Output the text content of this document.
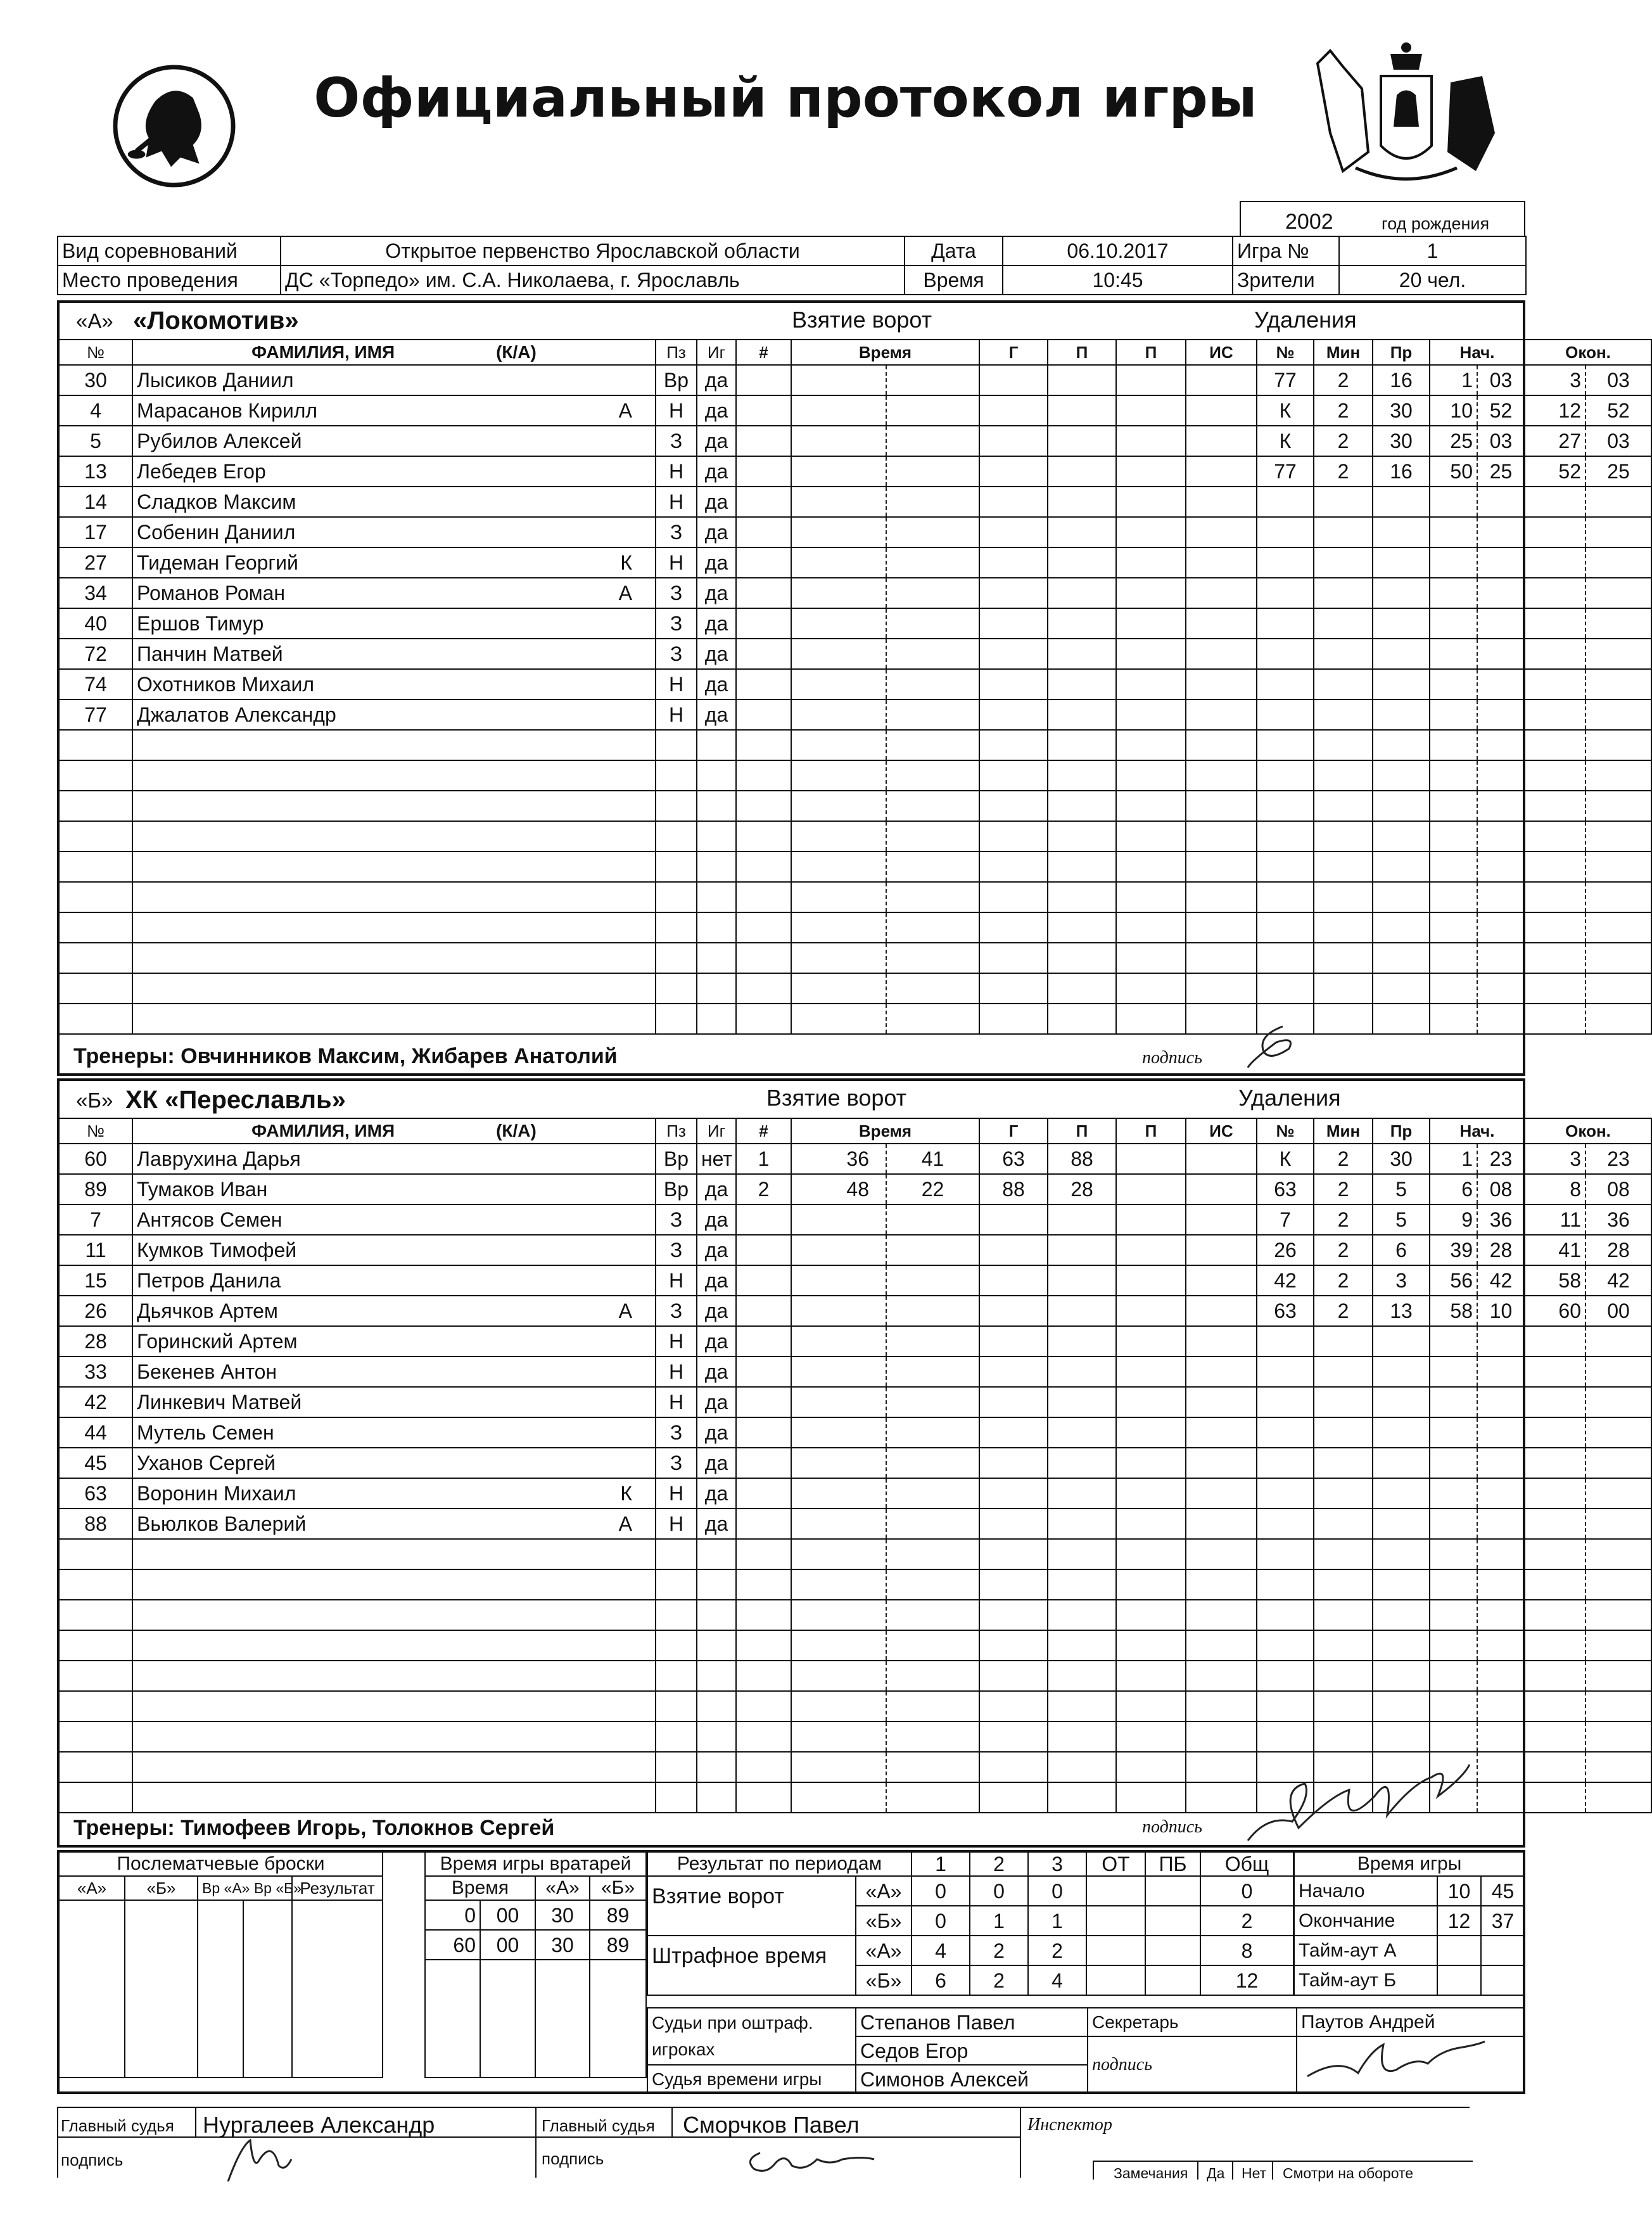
Официальный протокол игры
2002	год рождения
Вид соревнований	Открытое первенство Ярославской области	Дата	06.10.2017	Игра №	1
Место проведения	ДС «Торпедо» им. С.А. Николаева, г. Ярославль	Время	10:45	Зрители	20 чел.
«А» «Локомотив»	Взятие ворот	Удаления
№	ФАМИЛИЯ, ИМЯ (К/А)		Пз	Иг	#	Время		Г	П	П	ИС	№	Мин	Пр	Нач.		Окон.	
30	Лысиков Даниил		Вр	да								77	2	16	1	03	3	03
4	Марасанов Кирилл	А	Н	да								К	2	30	10	52	12	52
5	Рубилов Алексей		З	да								К	2	30	25	03	27	03
13	Лебедев Егор		Н	да								77	2	16	50	25	52	25
14	Сладков Максим		Н	да														
17	Собенин Даниил		З	да														
27	Тидеман Георгий	К	Н	да														
34	Романов Роман	А	З	да														
40	Ершов Тимур		З	да														
72	Панчин Матвей		З	да														
74	Охотников Михаил		Н	да														
77	Джалатов Александр		Н	да														

Тренеры: Овчинников Максим, Жибарев Анатолий	подпись
«Б» ХК «Переславль»	Взятие ворот	Удаления
№	ФАМИЛИЯ, ИМЯ (К/А)		Пз	Иг	#	Время		Г	П	П	ИС	№	Мин	Пр	Нач.		Окон.	
60	Лаврухина Дарья		Вр	нет	1	36	41	63	88			К	2	30	1	23	3	23
89	Тумаков Иван		Вр	да	2	48	22	88	28			63	2	5	6	08	8	08
7	Антясов Семен		З	да								7	2	5	9	36	11	36
11	Кумков Тимофей		З	да								26	2	6	39	28	41	28
15	Петров Данила		Н	да								42	2	3	56	42	58	42
26	Дьячков Артем	А	З	да								63	2	13	58	10	60	00
28	Горинский Артем		Н	да														
33	Бекенев Антон		Н	да														
42	Линкевич Матвей		Н	да														
44	Мутель Семен		З	да														
45	Уханов Сергей		З	да														
63	Воронин Михаил	К	Н	да														
88	Вьюлков Валерий	А	Н	да														

Тренеры: Тимофеев Игорь, Толокнов Сергей	подпись
Послематчевые броски					
«А»	«Б»	Вр «А» Вр «Б»		Результат	

Время игры вратарей			
Время		«А»	«Б»
0	00	30	89
60	00	30	89

Результат по периодам		1	2	3	ОТ	ПБ	Общ
Взятие ворот	«А»	0	0	0			0
	«Б»	0	1	1			2
Штрафное время	«А»	4	2	2			8
	«Б»	6	2	4			12
Время игры		
Начало	10	45
Окончание	12	37
Тайм-аут А		
Тайм-аут Б		
Судьи при оштраф. игроках	Степанов Павел	Секретарь	Паутов Андрей
	Седов Егор	подпись	
Судья времени игры	Симонов Алексей		
Главный судья Нургалеев Александр	Главный судья Сморчков Павел	Инспектор
подпись	подпись
Замечания Да Нет Смотри на обороте
